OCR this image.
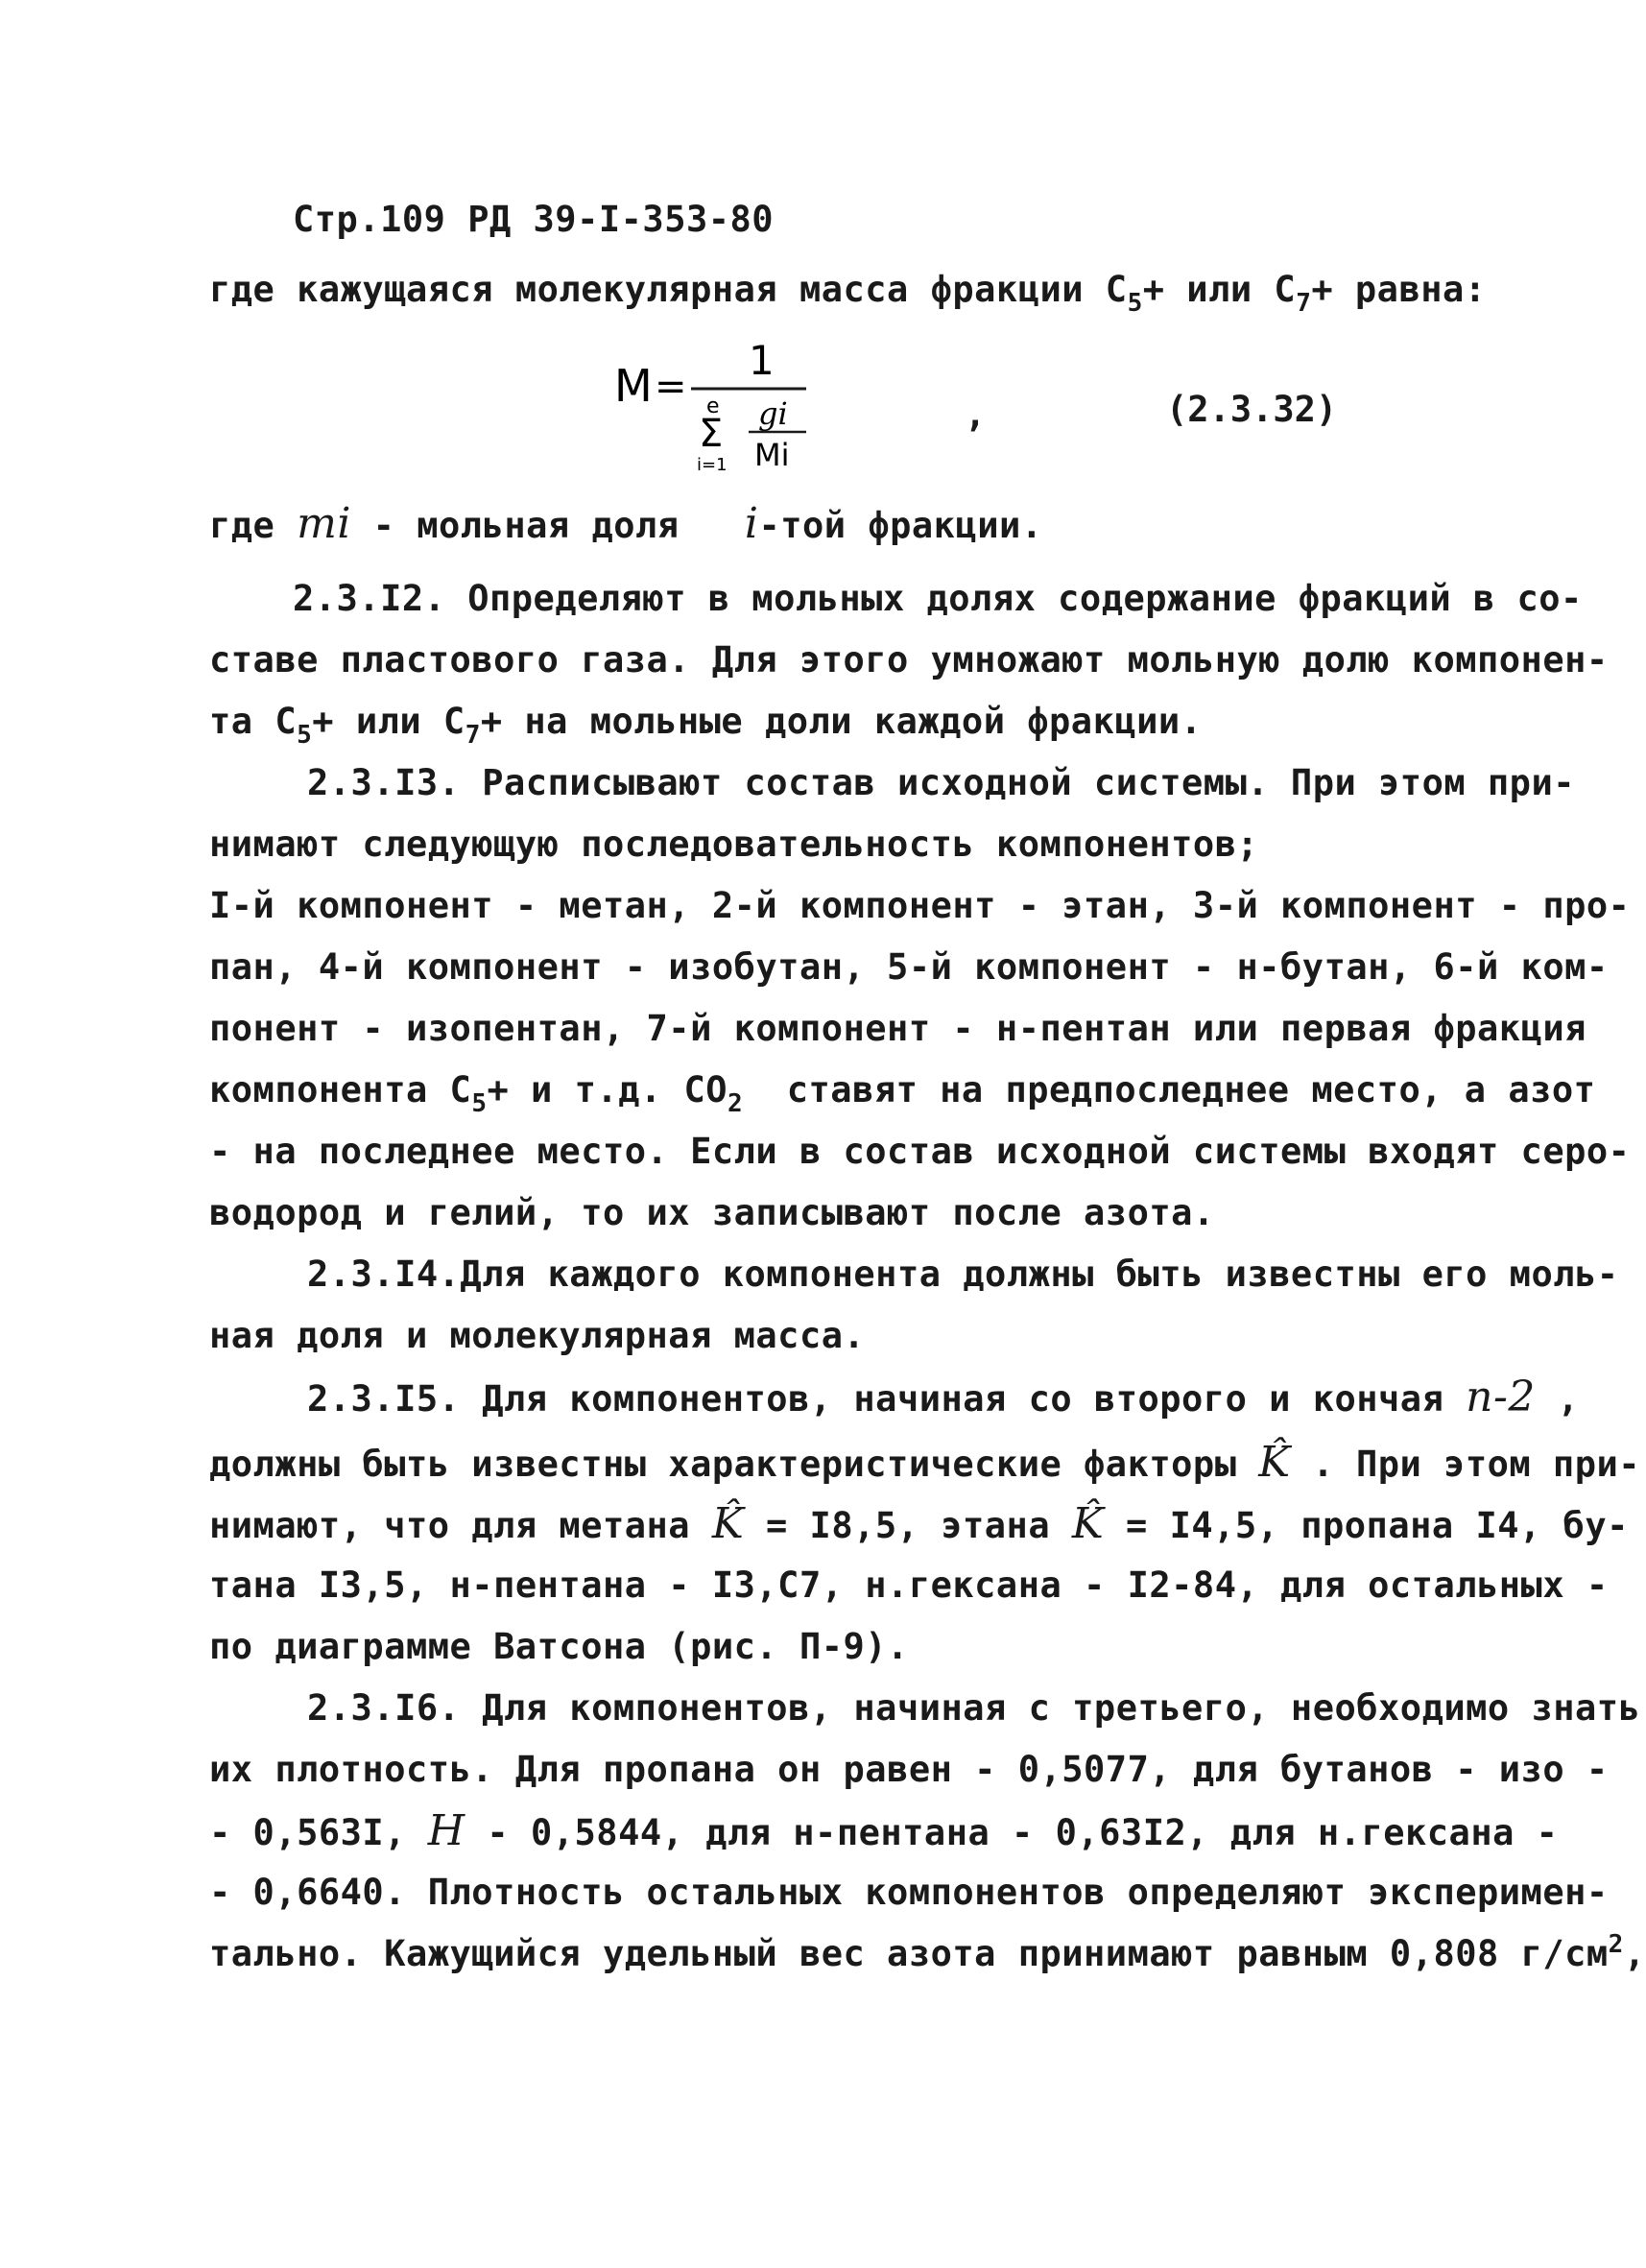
Стр.109 РД 39-I-353-80
где кажущаяся молекулярная масса фракции $C_5+$ или $C_7+$ равна:
M =
1
e
Σ
i=1
gi
Mi
,	(2.3.32)
где mi - мольная доля   i-той фракции.
2.3.I2. Определяют в мольных долях содержание фракций в со-
ставе пластового газа. Для этого умножают мольную долю компонен-
та $C_5+$ или $C_7+$ на мольные доли каждой фракции.
2.3.I3. Расписывают состав исходной системы. При этом при-
нимают следующую последовательность компонентов;
I-й компонент - метан, 2-й компонент - этан, 3-й компонент - про-
пан, 4-й компонент - изобутан, 5-й компонент - н-бутан, 6-й ком-
понент - изопентан, 7-й компонент - н-пентан или первая фракция
компонента $C_5+ и$ т.д. $CO_2$  ставят на предпоследнее место, а азот
- на последнее место. Если в состав исходной системы входят серо-
водород и гелий, то их записывают после азота.
2.3.I4.Для каждого компонента должны быть известны его моль-
ная доля и молекулярная масса.
2.3.I5. Для компонентов, начиная со второго и кончая n-2 ,
должны быть известны характеристические факторы K̂ . При этом при-
нимают, что для метана K̂ = I8,5, этана K̂ = I4,5, пропана I4, бу-
тана I3,5, н-пентана - I3,C7, н.гексана - I2-84, для остальных -
по диаграмме Ватсона (рис. П-9).
2.3.I6. Для компонентов, начиная с третьего, необходимо знать
их плотность. Для пропана он равен - 0,5077, для бутанов - изо -
- 0,563I, H - 0,5844, для н-пентана - 0,63I2, для н.гексана -
- 0,6640. Плотность остальных компонентов определяют эксперимен-
тально. Кажущийся удельный вес азота принимают равным 0,808 $г/см^2$,
